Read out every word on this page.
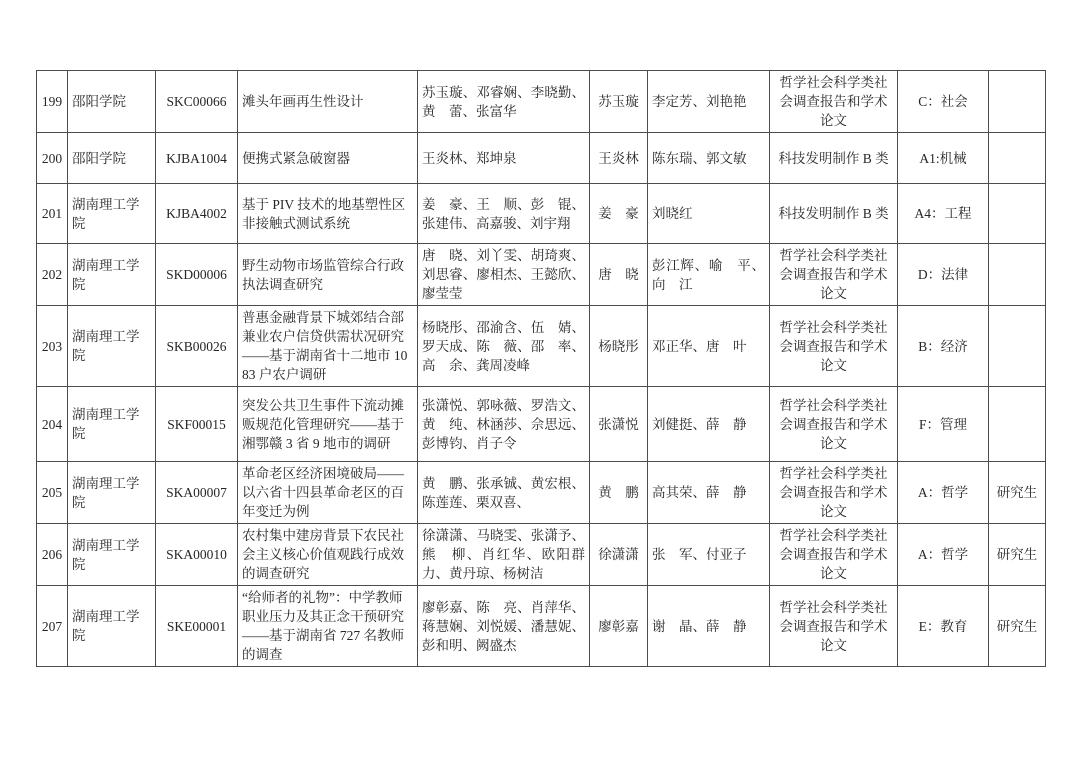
199	邵阳学院	SKC00066	滩头年画再生性设计	苏玉璇、邓睿娴、李晓勤、黄　蕾、张富华	苏玉璇	李定芳、刘艳艳	哲学社会科学类社会调查报告和学术论文	C：社会	
200	邵阳学院	KJBA1004	便携式紧急破窗器	王炎林、郑坤泉	王炎林	陈东瑞、郭文敏	科技发明制作 B 类	A1:机械	
201	湖南理工学院	KJBA4002	基于 PIV 技术的地基塑性区非接触式测试系统	姜　豪、王　顺、彭　锟、张建伟、高嘉骏、刘宇翔	姜　豪	刘晓红	科技发明制作 B 类	A4：工程	
202	湖南理工学院	SKD00006	野生动物市场监管综合行政执法调查研究	唐　晓、刘丫雯、胡琦爽、刘思睿、廖相杰、王懿欣、廖莹莹	唐　晓	彭江辉、喻　平、向　江	哲学社会科学类社会调查报告和学术论文	D：法律	
203	湖南理工学院	SKB00026	普惠金融背景下城郊结合部兼业农户信贷供需状况研究——基于湖南省十二地市 1083 户农户调研	杨晓彤、邵渝含、伍　婧、罗天成、陈　薇、邵　率、高　余、龚周凌峰	杨晓彤	邓正华、唐　叶	哲学社会科学类社会调查报告和学术论文	B：经济	
204	湖南理工学院	SKF00015	突发公共卫生事件下流动摊贩规范化管理研究——基于湘鄂赣 3 省 9 地市的调研	张潇悦、郭咏薇、罗浩文、黄　纯、林涵莎、佘思远、彭博钧、肖子令	张潇悦	刘健挺、薛　静	哲学社会科学类社会调查报告和学术论文	F：管理	
205	湖南理工学院	SKA00007	革命老区经济困境破局——以六省十四县革命老区的百年变迁为例	黄　鹏、张承铖、黄宏根、陈莲莲、栗双喜、	黄　鹏	高其荣、薛　静	哲学社会科学类社会调查报告和学术论文	A：哲学	研究生
206	湖南理工学院	SKA00010	农村集中建房背景下农民社会主义核心价值观践行成效的调查研究	徐潇潇、马晓雯、张潇予、熊　柳、肖红华、欧阳群力、黄丹琼、杨树洁	徐潇潇	张　军、付亚子	哲学社会科学类社会调查报告和学术论文	A：哲学	研究生
207	湖南理工学院	SKE00001	“给师者的礼物”：中学教师职业压力及其正念干预研究——基于湖南省 727 名教师的调查	廖彰嘉、陈　亮、肖萍华、蒋慧娴、刘悦媛、潘慧妮、彭和明、阙盛杰	廖彰嘉	谢　晶、薛　静	哲学社会科学类社会调查报告和学术论文	E：教育	研究生
